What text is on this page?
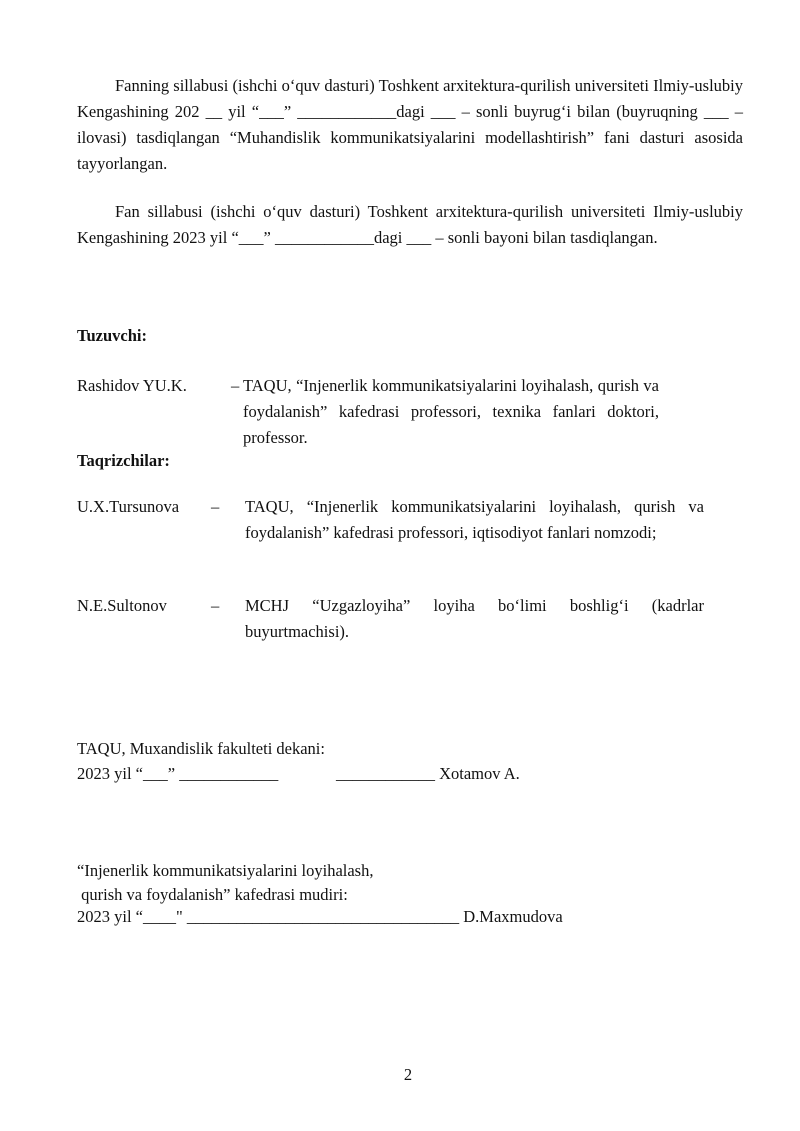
Fanning sillabusi (ishchi o‘quv dasturi) Toshkent arxitektura-qurilish universiteti Ilmiy-uslubiy Kengashining 202 __ yil “___” ____________dagi ___ – sonli buyrug‘i bilan (buyruqning ___ – ilovasi) tasdiqlangan “Muhandislik kommunikatsiyalarini modellashtirish” fani dasturi asosida tayyorlangan.

Fan sillabusi (ishchi o‘quv dasturi) Toshkent arxitektura-qurilish universiteti Ilmiy-uslubiy Kengashining 2023 yil “___” ____________dagi ___ – sonli bayoni bilan tasdiqlangan.

Tuzuvchi:

Rashidov YU.K.	– TAQU, “Injenerlik kommunikatsiyalarini loyihalash, qurish va foydalanish” kafedrasi professori, texnika fanlari doktori, professor.

Taqrizchilar:

U.X.Tursunova – TAQU, “Injenerlik kommunikatsiyalarini loyihalash, qurish va foydalanish” kafedrasi professori, iqtisodiyot fanlari nomzodi;

N.E.Sultonov	– MCHJ “Uzgazloyiha” loyiha bo‘limi boshlig‘i (kadrlar buyurtmachisi).

TAQU, Muxandislik fakulteti dekani:

2023 yil “___” ____________              ____________ Xotamov A.

“Injenerlik kommunikatsiyalarini loyihalash,

qurish va foydalanish” kafedrasi mudiri:

2023 yil “____" _________________________________ D.Maxmudova

2
